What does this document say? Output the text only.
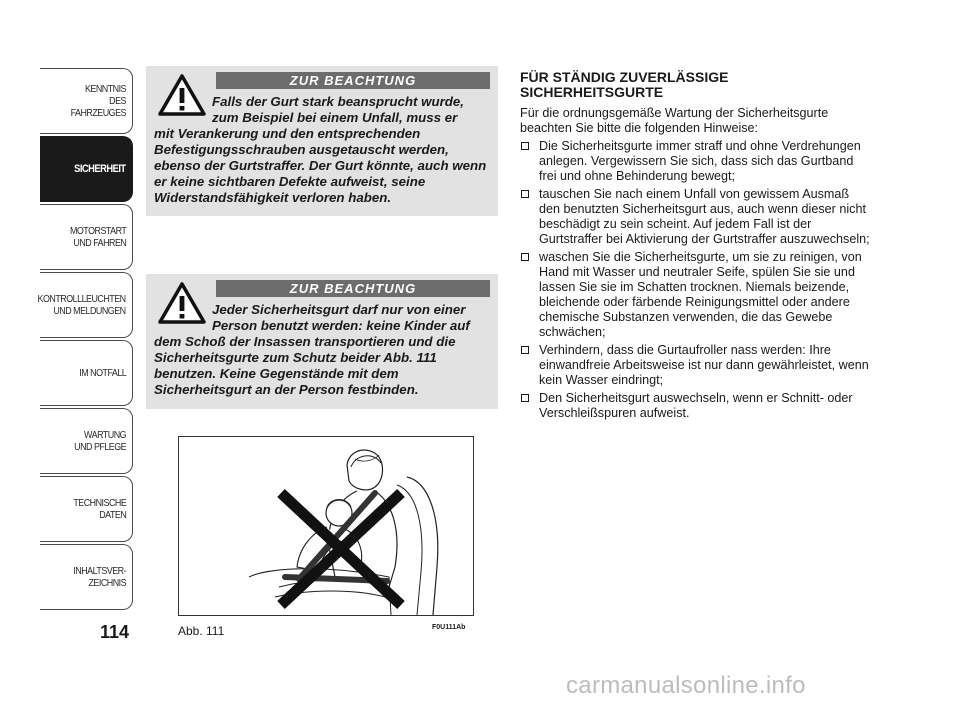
KENNTNIS
DES FAHRZEUGES
SICHERHEIT
MOTORSTART
UND FAHREN
KONTROLLLEUCHTEN
UND MELDUNGEN
IM NOTFALL
WARTUNG
UND PFLEGE
TECHNISCHE
DATEN
INHALTSVER-
ZEICHNIS
114
ZUR BEACHTUNG

Falls der Gurt stark beansprucht wurde, zum Beispiel bei einem Unfall, muss er
mit Verankerung und den entsprechenden Befestigungsschrauben ausgetauscht werden, ebenso der Gurtstraffer. Der Gurt könnte, auch wenn er keine sichtbaren Defekte aufweist, seine Widerstandsfähigkeit verloren haben.

ZUR BEACHTUNG

Jeder Sicherheitsgurt darf nur von einer Person benutzt werden: keine Kinder auf
dem Schoß der Insassen transportieren und die Sicherheitsgurte zum Schutz beider Abb. 111 benutzen. Keine Gegenstände mit dem Sicherheitsgurt an der Person festbinden.

Abb. 111	F0U111Ab
FÜR STÄNDIG ZUVERLÄSSIGE
SICHERHEITSGURTE

Für die ordnungsgemäße Wartung der Sicherheitsgurte beachten Sie bitte die folgenden Hinweise:

Die Sicherheitsgurte immer straff und ohne Verdrehungen anlegen. Vergewissern Sie sich, dass sich das Gurtband frei und ohne Behinderung bewegt;
tauschen Sie nach einem Unfall von gewissem Ausmaß den benutzten Sicherheitsgurt aus, auch wenn dieser nicht beschädigt zu sein scheint. Auf jedem Fall ist der Gurtstraffer bei Aktivierung der Gurtstraffer auszuwechseln;
waschen Sie die Sicherheitsgurte, um sie zu reinigen, von Hand mit Wasser und neutraler Seife, spülen Sie sie und lassen Sie sie im Schatten trocknen. Niemals beizende, bleichende oder färbende Reinigungsmittel oder andere chemische Substanzen verwenden, die das Gewebe schwächen;
Verhindern, dass die Gurtaufroller nass werden: Ihre einwandfreie Arbeitsweise ist nur dann gewährleistet, wenn kein Wasser eindringt;
Den Sicherheitsgurt auswechseln, wenn er Schnitt- oder Verschleißspuren aufweist.
carmanualsonline.info
